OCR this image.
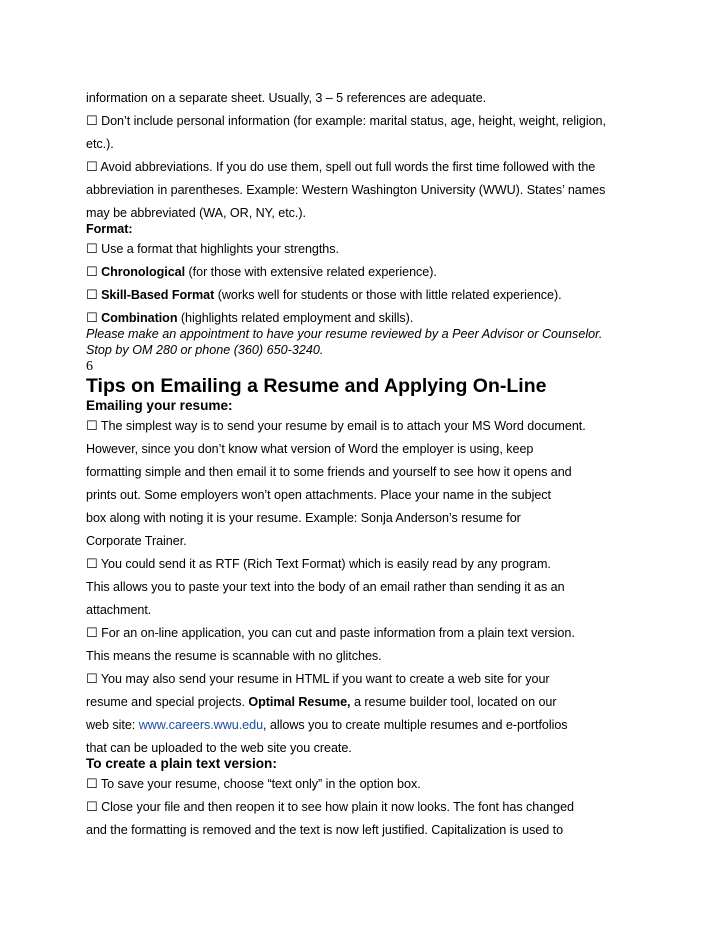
information on a separate sheet. Usually, 3 – 5 references are adequate.
☐ Don’t include personal information (for example: marital status, age, height, weight, religion,
etc.).
☐ Avoid abbreviations. If you do use them, spell out full words the first time followed with the
abbreviation in parentheses. Example: Western Washington University (WWU). States’ names
may be abbreviated (WA, OR, NY, etc.).
Format:
☐ Use a format that highlights your strengths.
☐ Chronological (for those with extensive related experience).
☐ Skill-Based Format (works well for students or those with little related experience).
☐ Combination (highlights related employment and skills).
Please make an appointment to have your resume reviewed by a Peer Advisor or Counselor.
Stop by OM 280 or phone (360) 650-3240.
6
Tips on Emailing a Resume and Applying On-Line
Emailing your resume:
☐ The simplest way is to send your resume by email is to attach your MS Word document.
However, since you don’t know what version of Word the employer is using, keep
formatting simple and then email it to some friends and yourself to see how it opens and
prints out. Some employers won’t open attachments. Place your name in the subject
box along with noting it is your resume. Example: Sonja Anderson’s resume for
Corporate Trainer.
☐ You could send it as RTF (Rich Text Format) which is easily read by any program.
This allows you to paste your text into the body of an email rather than sending it as an
attachment.
☐ For an on-line application, you can cut and paste information from a plain text version.
This means the resume is scannable with no glitches.
☐ You may also send your resume in HTML if you want to create a web site for your
resume and special projects. Optimal Resume, a resume builder tool, located on our
web site: www.careers.wwu.edu, allows you to create multiple resumes and e-portfolios
that can be uploaded to the web site you create.
To create a plain text version:
☐ To save your resume, choose “text only” in the option box.
☐ Close your file and then reopen it to see how plain it now looks. The font has changed
and the formatting is removed and the text is now left justified. Capitalization is used to
